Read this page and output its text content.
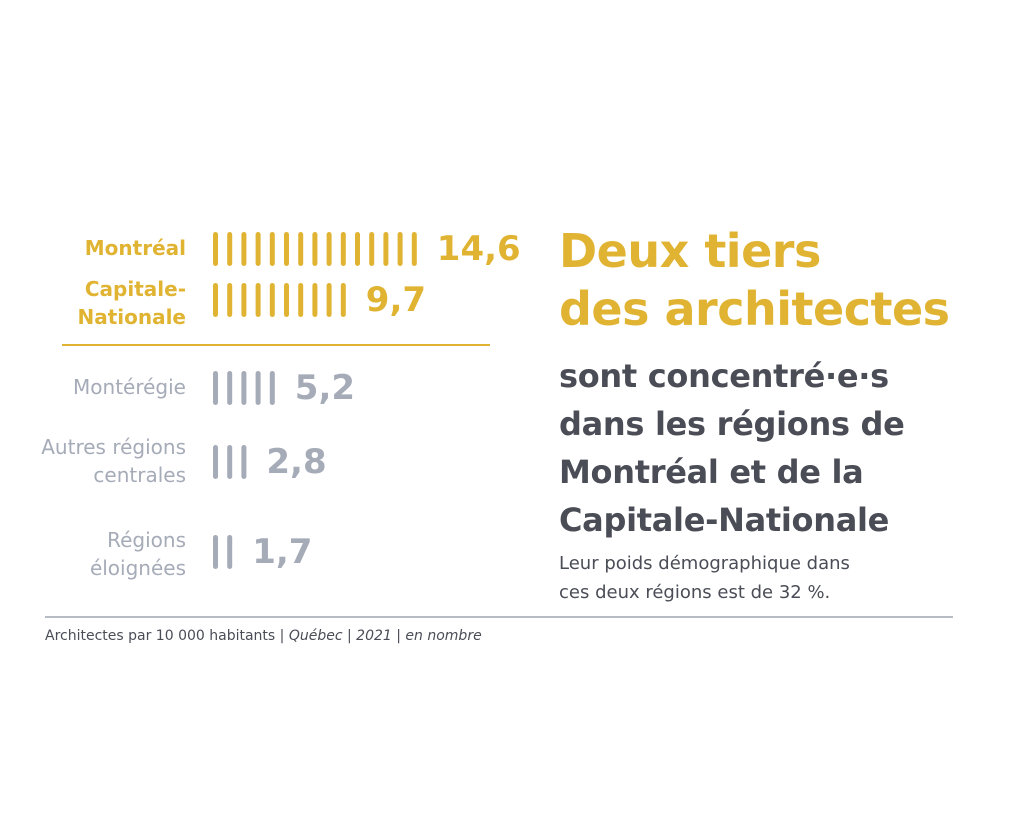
Montréal
Capitale-
Nationale
Montérégie
Autres régions
centrales
Régions
éloignées
14,6
9,7
5,2
2,8
1,7
Deux tiers
des architectes
sont concentré·e·s
dans les régions de
Montréal et de la
Capitale-Nationale
Leur poids démographique dans
ces deux régions est de 32 %.
Architectes par 10 000 habitants | Québec | 2021 | en nombre
